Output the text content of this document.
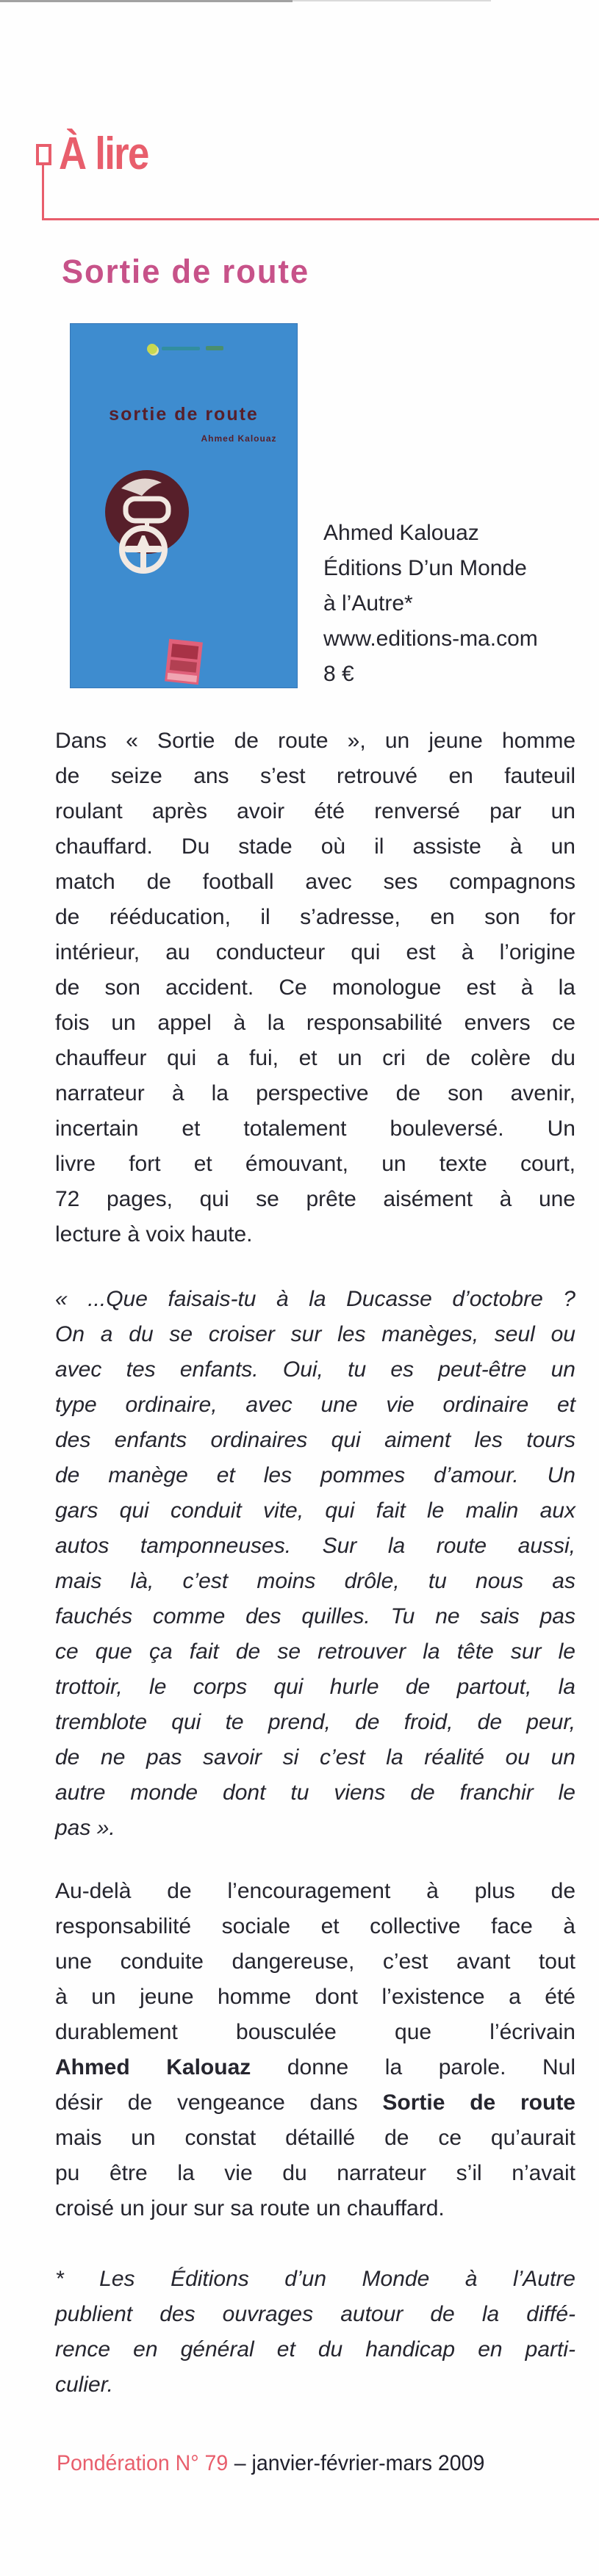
À lire
Sortie de route
sortie de route
Ahmed Kalouaz
Ahmed Kalouaz
Éditions D’un Monde
à l’Autre*
www.editions-ma.com
8 €
Dans « Sortie de route », un jeune homme
de seize ans s’est retrouvé en fauteuil
roulant après avoir été renversé par un
chauffard. Du stade où il assiste à un
match de football avec ses compagnons
de rééducation, il s’adresse, en son for
intérieur, au conducteur qui est à l’origine
de son accident. Ce monologue est à la
fois un appel à la responsabilité envers ce
chauffeur qui a fui, et un cri de colère du
narrateur à la perspective de son avenir,
incertain et totalement bouleversé. Un
livre fort et émouvant, un texte court,
72 pages, qui se prête aisément à une
lecture à voix haute.
« ...Que faisais-tu à la Ducasse d’octobre ?
On a du se croiser sur les manèges, seul ou
avec tes enfants. Oui, tu es peut-être un
type ordinaire, avec une vie ordinaire et
des enfants ordinaires qui aiment les tours
de manège et les pommes d’amour. Un
gars qui conduit vite, qui fait le malin aux
autos tamponneuses. Sur la route aussi,
mais là, c’est moins drôle, tu nous as
fauchés comme des quilles. Tu ne sais pas
ce que ça fait de se retrouver la tête sur le
trottoir, le corps qui hurle de partout, la
tremblote qui te prend, de froid, de peur,
de ne pas savoir si c’est la réalité ou un
autre monde dont tu viens de franchir le
pas ».
Au-delà de l’encouragement à plus de
responsabilité sociale et collective face à
une conduite dangereuse, c’est avant tout
à un jeune homme dont l’existence a été
durablement bousculée que l’écrivain
Ahmed Kalouaz donne la parole. Nul
désir de vengeance dans Sortie de route
mais un constat détaillé de ce qu’aurait
pu être la vie du narrateur s’il n’avait
croisé un jour sur sa route un chauffard.
* Les Éditions d’un Monde à l’Autre
publient des ouvrages autour de la diffé-
rence en général et du handicap en parti-
culier.
Pondération N° 79 – janvier-février-mars 2009
